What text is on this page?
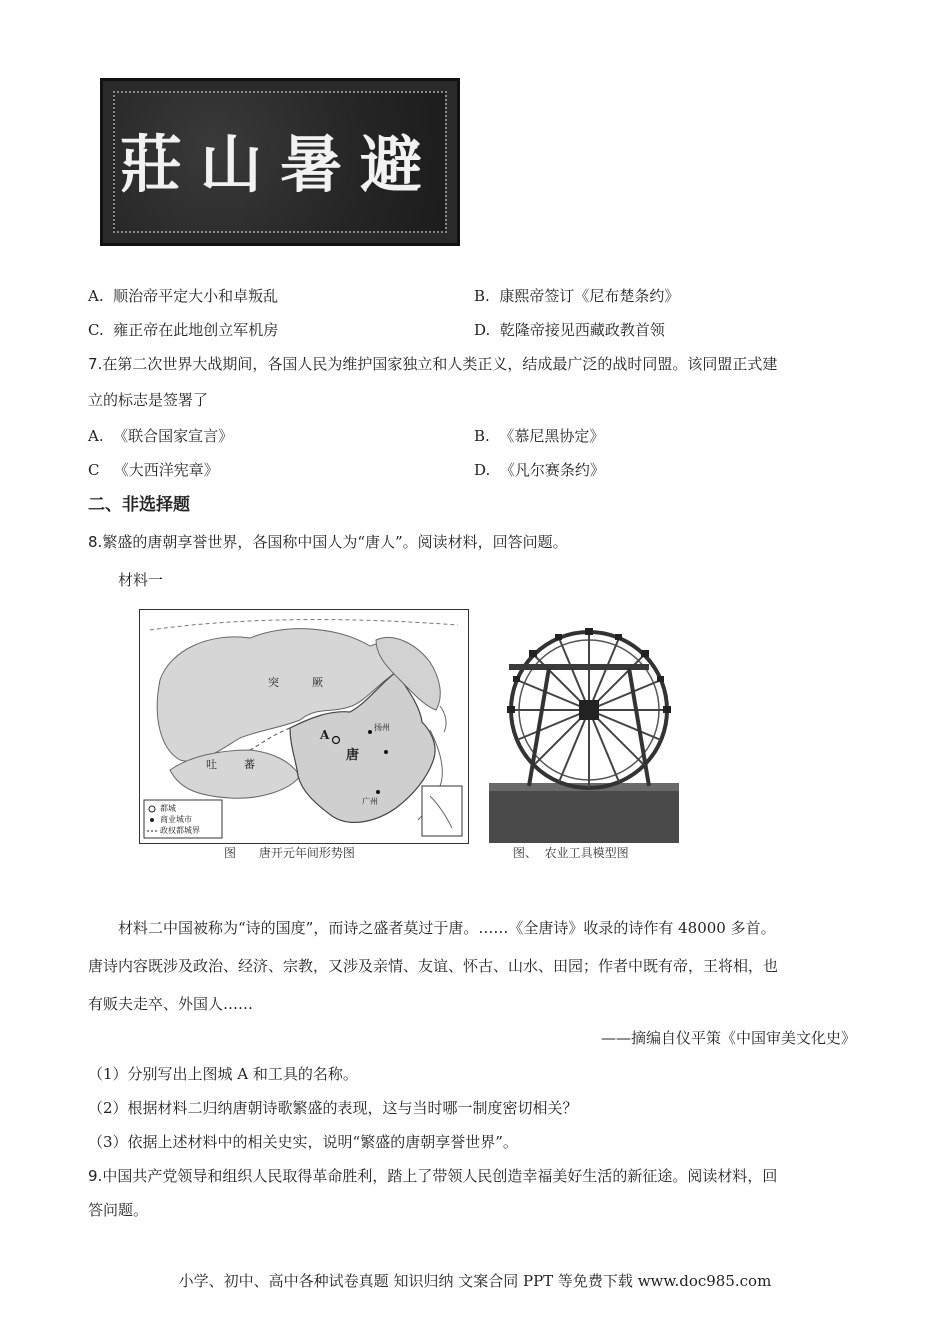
莊山暑避
A. 顺治帝平定大小和卓叛乱	B. 康熙帝签订《尼布楚条约》
C. 雍正帝在此地创立军机房	D. 乾隆帝接见西藏政教首领
7.在第二次世界大战期间，各国人民为维护国家独立和人类正义，结成最广泛的战时同盟。该同盟正式建
立的标志是签署了
A. 《联合国家宣言》	B. 《慕尼黑协定》
C 《大西洋宪章》	D. 《凡尔赛条约》
二、非选择题
8.繁盛的唐朝享誉世界，各国称中国人为“唐人”。阅读材料，回答问题。
材料一
突	厥
吐 蕃
A
唐
扬州
广州
都城
商业城市
政权都城界
图 唐开元年间形势图	图、 农业工具模型图
材料二中国被称为“诗的国度”，而诗之盛者莫过于唐。……《全唐诗》收录的诗作有 48000 多首。
唐诗内容既涉及政治、经济、宗教，又涉及亲情、友谊、怀古、山水、田园；作者中既有帝，王将相，也
有贩夫走卒、外国人……
——摘编自仪平策《中国审美文化史》
（1）分别写出上图城 A 和工具的名称。
（2）根据材料二归纳唐朝诗歌繁盛的表现，这与当时哪一制度密切相关？
（3）依据上述材料中的相关史实，说明“繁盛的唐朝享誉世界”。
9.中国共产党领导和组织人民取得革命胜利，踏上了带领人民创造幸福美好生活的新征途。阅读材料，回
答问题。
小学、初中、高中各种试卷真题 知识归纳 文案合同 PPT 等免费下载 www.doc985.com
